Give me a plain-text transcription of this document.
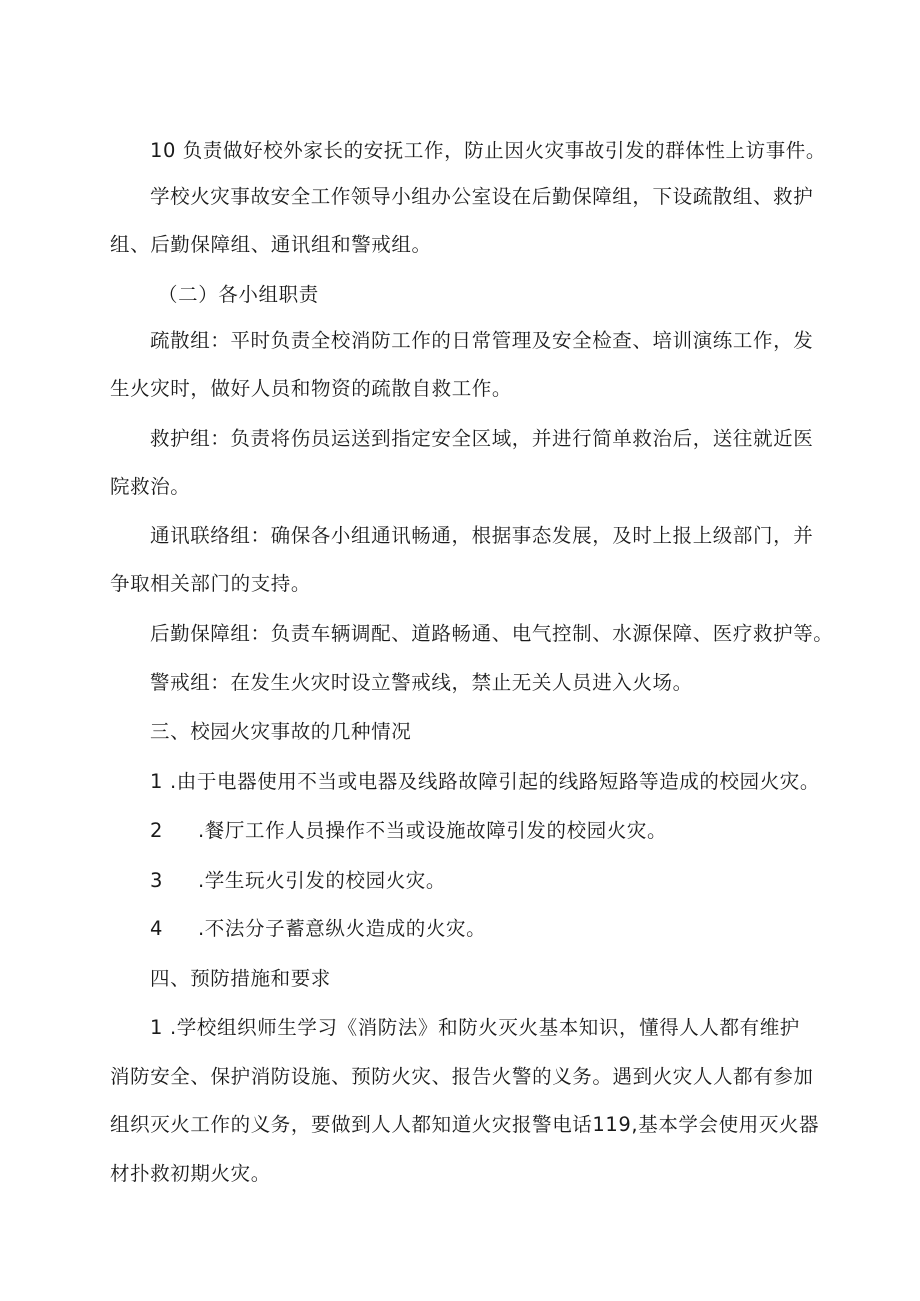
10 负责做好校外家长的安抚工作，防止因火灾事故引发的群体性上访事件。
学校火灾事故安全工作领导小组办公室设在后勤保障组，下设疏散组、救护
组、后勤保障组、通讯组和警戒组。
（二）各小组职责
疏散组：平时负责全校消防工作的日常管理及安全检查、培训演练工作，发
生火灾时，做好人员和物资的疏散自救工作。
救护组：负责将伤员运送到指定安全区域，并进行简单救治后，送往就近医
院救治。
通讯联络组：确保各小组通讯畅通，根据事态发展，及时上报上级部门，并
争取相关部门的支持。
后勤保障组：负责车辆调配、道路畅通、电气控制、水源保障、医疗救护等。
警戒组：在发生火灾时设立警戒线，禁止无关人员进入火场。
三、校园火灾事故的几种情况
1 .由于电器使用不当或电器及线路故障引起的线路短路等造成的校园火灾。
2 .餐厅工作人员操作不当或设施故障引发的校园火灾。
3 .学生玩火引发的校园火灾。
4 .不法分子蓄意纵火造成的火灾。
四、预防措施和要求
1 .学校组织师生学习《消防法》和防火灭火基本知识，懂得人人都有维护
消防安全、保护消防设施、预防火灾、报告火警的义务。遇到火灾人人都有参加
组织灭火工作的义务，要做到人人都知道火灾报警电话119,基本学会使用灭火器
材扑救初期火灾。
